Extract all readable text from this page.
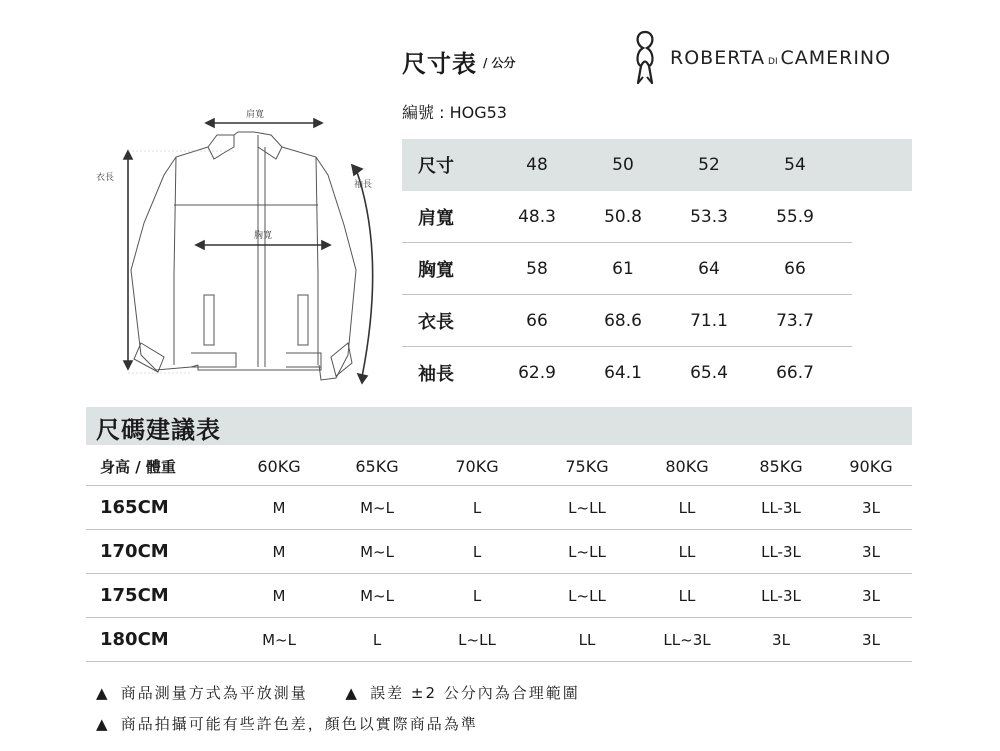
尺寸表 / 公分
編號 : HOG53
ROBERTA DI CAMERINO
肩寬
胸寬
衣長
袖長
尺寸	48	50	52	54
肩寬	48.3	50.8	53.3	55.9
胸寬	58	61	64	66
衣長	66	68.6	71.1	73.7
袖長	62.9	64.1	65.4	66.7
尺碼建議表
身高 / 體重	60KG	65KG	70KG	75KG	80KG	85KG	90KG
165CM	M	M~L	L	L~LL	LL	LL-3L	3L
170CM	M	M~L	L	L~LL	LL	LL-3L	3L
175CM	M	M~L	L	L~LL	LL	LL-3L	3L
180CM	M~L	L	L~LL	LL	LL~3L	3L	3L
▲ 商品測量方式為平放測量	▲ 誤差 ±2 公分內為合理範圍
▲ 商品拍攝可能有些許色差，顏色以實際商品為準
